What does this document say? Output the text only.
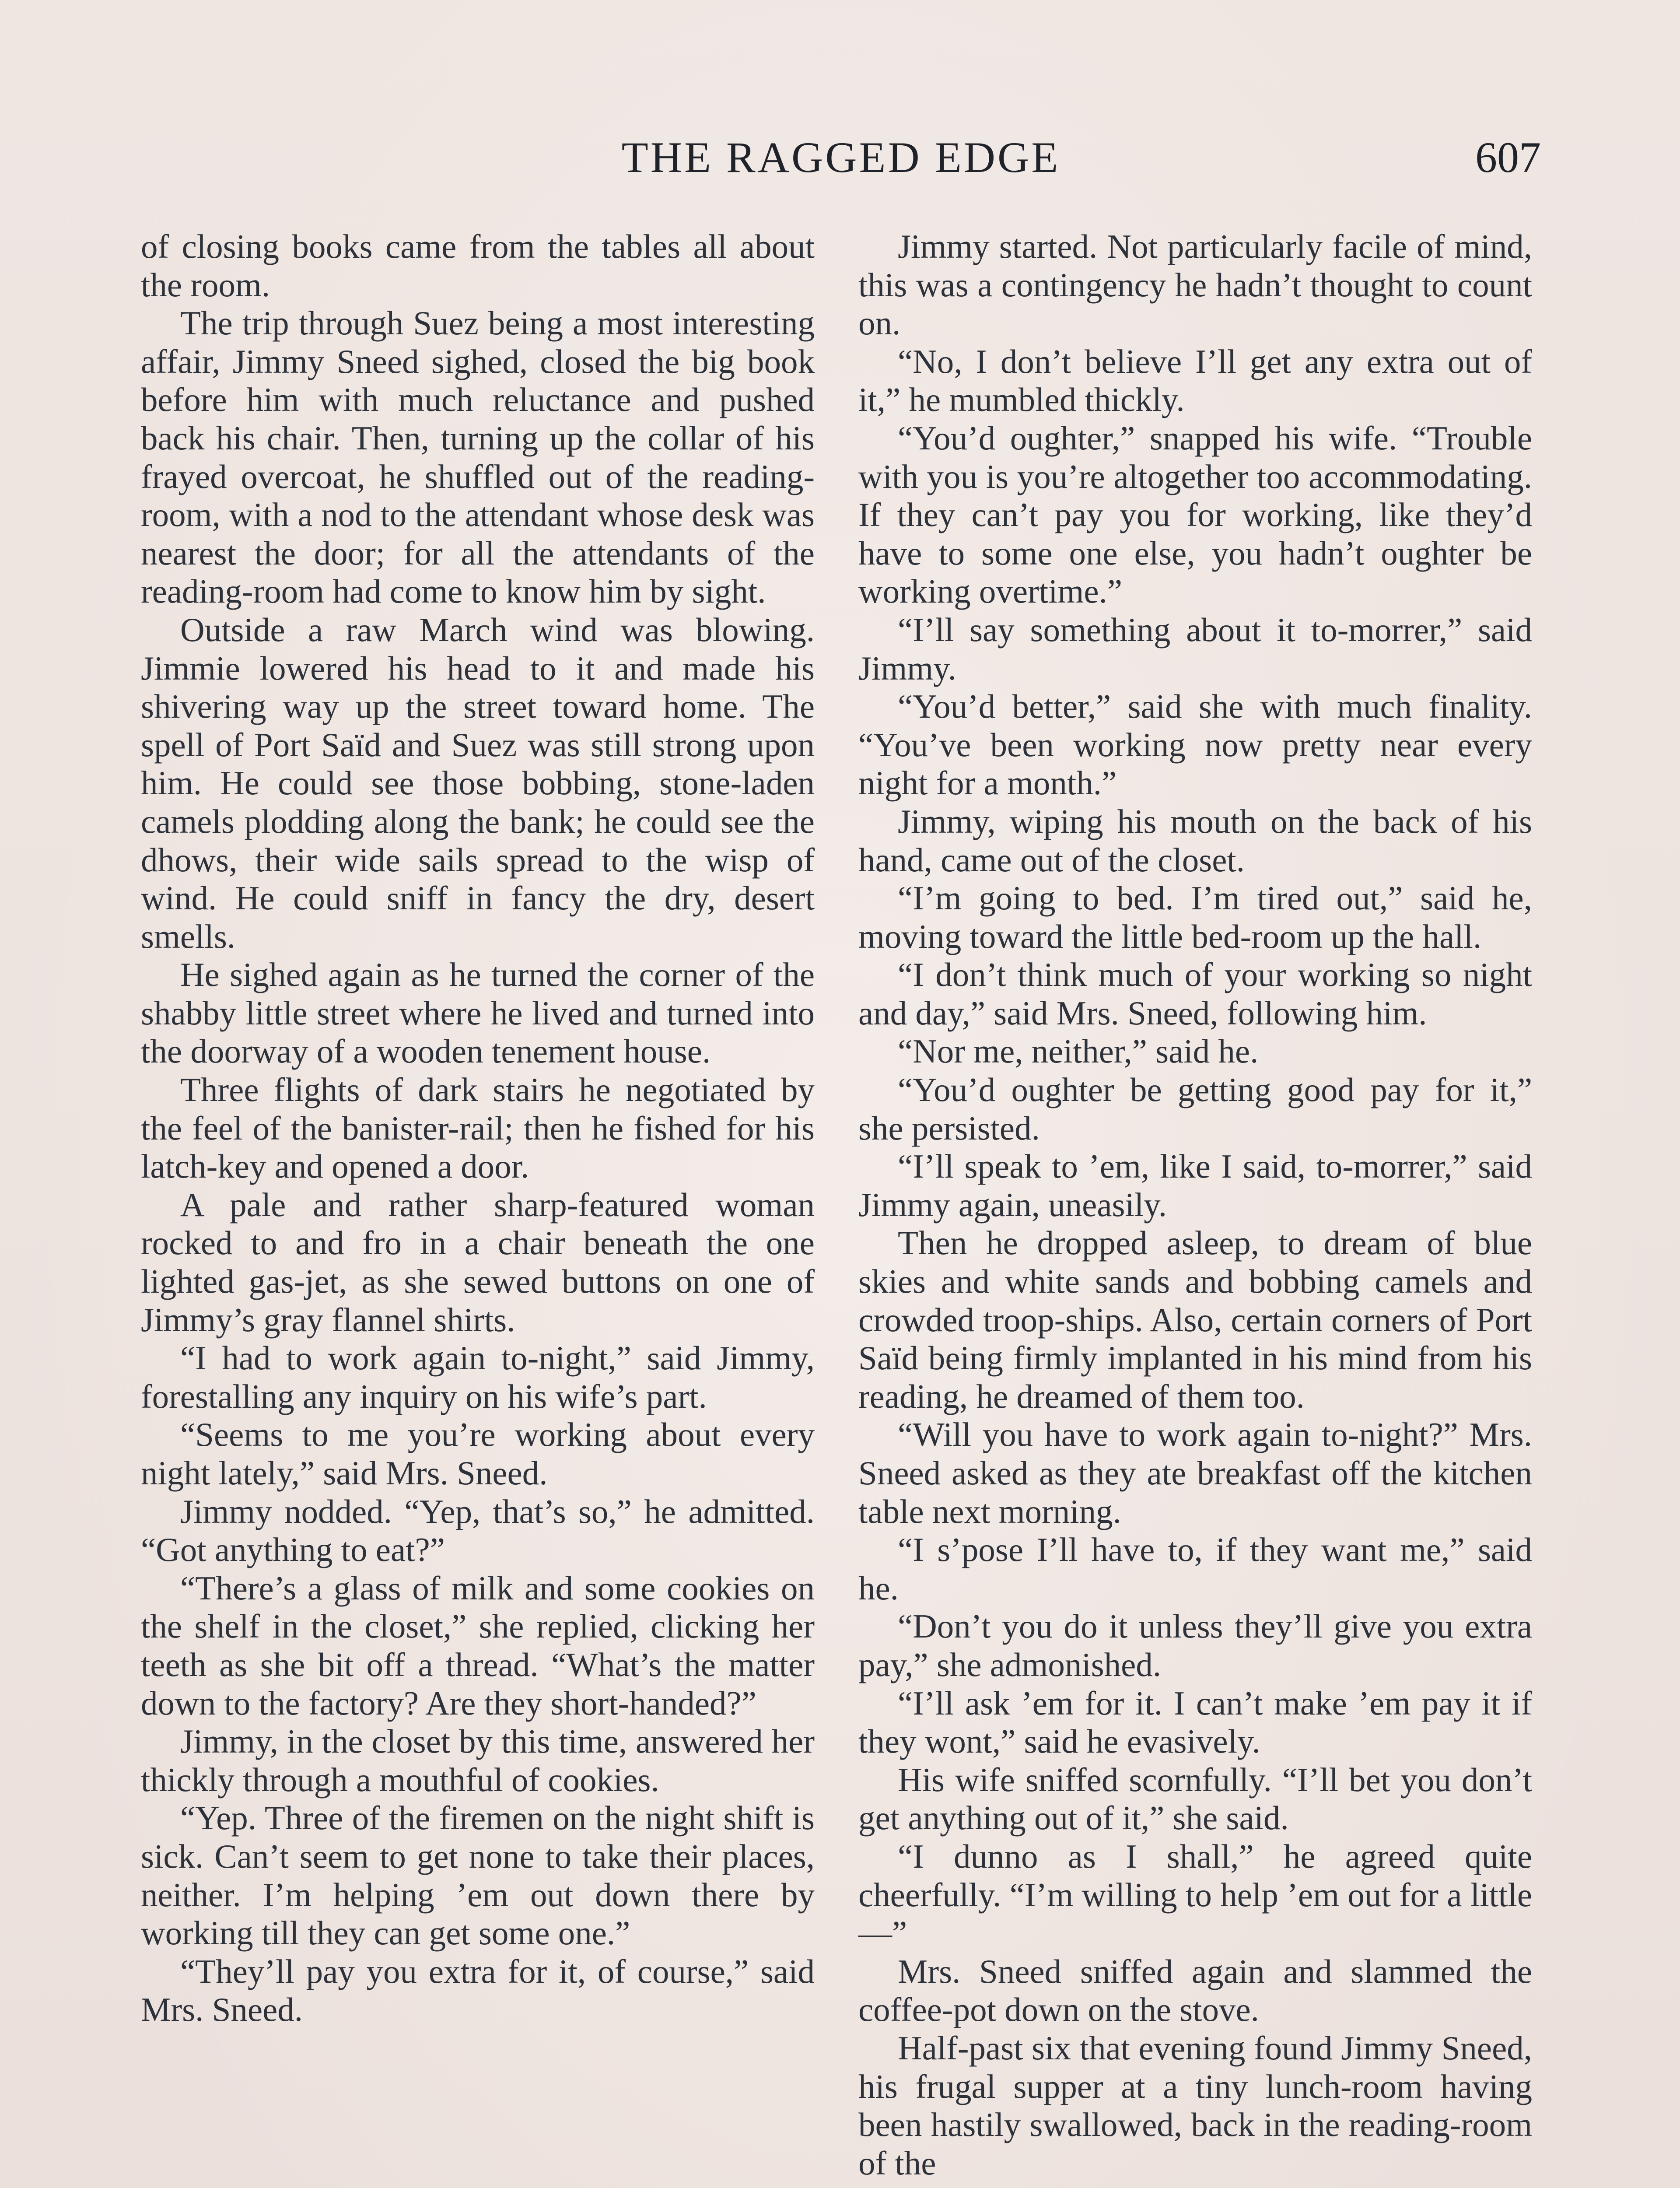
THE RAGGED EDGE	607

of closing books came from the tables all about the room.

The trip through Suez being a most interesting affair, Jimmy Sneed sighed, closed the big book before him with much reluctance and pushed back his chair. Then, turning up the collar of his frayed overcoat, he shuffled out of the reading-room, with a nod to the attendant whose desk was nearest the door; for all the attendants of the reading-room had come to know him by sight.

Outside a raw March wind was blowing. Jimmie lowered his head to it and made his shivering way up the street toward home. The spell of Port Saïd and Suez was still strong upon him. He could see those bobbing, stone-laden camels plodding along the bank; he could see the dhows, their wide sails spread to the wisp of wind. He could sniff in fancy the dry, desert smells.

He sighed again as he turned the corner of the shabby little street where he lived and turned into the doorway of a wooden tenement house.

Three flights of dark stairs he negotiated by the feel of the banister-rail; then he fished for his latch-key and opened a door.

A pale and rather sharp-featured woman rocked to and fro in a chair beneath the one lighted gas-jet, as she sewed buttons on one of Jimmy’s gray flannel shirts.

“I had to work again to-night,” said Jimmy, forestalling any inquiry on his wife’s part.

“Seems to me you’re working about every night lately,” said Mrs. Sneed.

Jimmy nodded. “Yep, that’s so,” he admitted. “Got anything to eat?”

“There’s a glass of milk and some cookies on the shelf in the closet,” she replied, clicking her teeth as she bit off a thread. “What’s the matter down to the factory? Are they short-handed?”

Jimmy, in the closet by this time, answered her thickly through a mouthful of cookies.

“Yep. Three of the firemen on the night shift is sick. Can’t seem to get none to take their places, neither. I’m helping ’em out down there by working till they can get some one.”

“They’ll pay you extra for it, of course,” said Mrs. Sneed.

Jimmy started. Not particularly facile of mind, this was a contingency he hadn’t thought to count on.

“No, I don’t believe I’ll get any extra out of it,” he mumbled thickly.

“You’d oughter,” snapped his wife. “Trouble with you is you’re altogether too accommodating. If they can’t pay you for working, like they’d have to some one else, you hadn’t oughter be working overtime.”

“I’ll say something about it to-morrer,” said Jimmy.

“You’d better,” said she with much finality. “You’ve been working now pretty near every night for a month.”

Jimmy, wiping his mouth on the back of his hand, came out of the closet.

“I’m going to bed. I’m tired out,” said he, moving toward the little bed-room up the hall.

“I don’t think much of your working so night and day,” said Mrs. Sneed, following him.

“Nor me, neither,” said he.

“You’d oughter be getting good pay for it,” she persisted.

“I’ll speak to ’em, like I said, to-morrer,” said Jimmy again, uneasily.

Then he dropped asleep, to dream of blue skies and white sands and bobbing camels and crowded troop-ships. Also, certain corners of Port Saïd being firmly implanted in his mind from his reading, he dreamed of them too.

“Will you have to work again to-night?” Mrs. Sneed asked as they ate breakfast off the kitchen table next morning.

“I s’pose I’ll have to, if they want me,” said he.

“Don’t you do it unless they’ll give you extra pay,” she admonished.

“I’ll ask ’em for it. I can’t make ’em pay it if they wont,” said he evasively.

His wife sniffed scornfully. “I’ll bet you don’t get anything out of it,” she said.

“I dunno as I shall,” he agreed quite cheerfully. “I’m willing to help ’em out for a little—”

Mrs. Sneed sniffed again and slammed the coffee-pot down on the stove.

Half-past six that evening found Jimmy Sneed, his frugal supper at a tiny lunch-room having been hastily swallowed, back in the reading-room of the
